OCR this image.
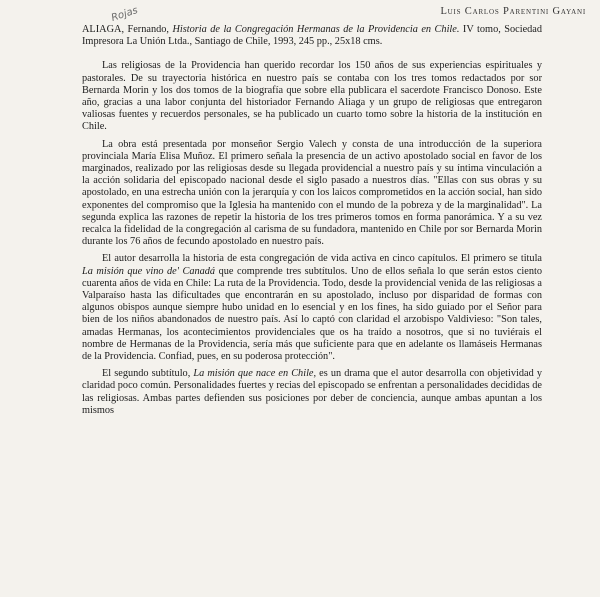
Luis Carlos Parentini Gayani
Rojas

ALIAGA, Fernando, Historia de la Congregación Hermanas de la Providencia en Chile. IV tomo, Sociedad Impresora La Unión Ltda., Santiago de Chile, 1993, 245 pp., 25x18 cms.

Las religiosas de la Providencia han querido recordar los 150 años de sus experiencias espirituales y pastorales. De su trayectoria histórica en nuestro país se contaba con los tres tomos redactados por sor Bernarda Morin y los dos tomos de la biografía que sobre ella publicara el sacerdote Francisco Donoso. Este año, gracias a una labor conjunta del historiador Fernando Aliaga y un grupo de religiosas que entregaron valiosas fuentes y recuerdos personales, se ha publicado un cuarto tomo sobre la historia de la institución en Chile.

La obra está presentada por monseñor Sergio Valech y consta de una introducción de la superiora provinciala María Elisa Muñoz. El primero señala la presencia de un activo apostolado social en favor de los marginados, realizado por las religiosas desde su llegada providencial a nuestro país y su íntima vinculación a la acción solidaria del episcopado nacional desde el siglo pasado a nuestros días. "Ellas con sus obras y su apostolado, en una estrecha unión con la jerarquía y con los laicos comprometidos en la acción social, han sido exponentes del compromiso que la Iglesia ha mantenido con el mundo de la pobreza y de la marginalidad". La segunda explica las razones de repetir la historia de los tres primeros tomos en forma panorámica. Y a su vez recalca la fidelidad de la congregación al carisma de su fundadora, mantenido en Chile por sor Bernarda Morin durante los 76 años de fecundo apostolado en nuestro país.

El autor desarrolla la historia de esta congregación de vida activa en cinco capítulos. El primero se titula La misión que vino de' Canadá que comprende tres subtítulos. Uno de ellos señala lo que serán estos ciento cuarenta años de vida en Chile: La ruta de la Providencia. Todo, desde la providencial venida de las religiosas a Valparaíso hasta las dificultades que encontrarán en su apostolado, incluso por disparidad de formas con algunos obispos aunque siempre hubo unidad en lo esencial y en los fines, ha sido guiado por el Señor para bien de los niños abandonados de nuestro país. Así lo captó con claridad el arzobispo Valdivieso: "Son tales, amadas Hermanas, los acontecimientos providenciales que os ha traído a nosotros, que si no tuviérais el nombre de Hermanas de la Providencia, sería más que suficiente para que en adelante os llamáseis Hermanas de la Providencia. Confiad, pues, en su poderosa protección".

El segundo subtítulo, La misión que nace en Chile, es un drama que el autor desarrolla con objetividad y claridad poco común. Personalidades fuertes y recias del episcopado se enfrentan a personalidades decididas de las religiosas. Ambas partes defienden sus posiciones por deber de conciencia, aunque ambas apuntan a los mismos
